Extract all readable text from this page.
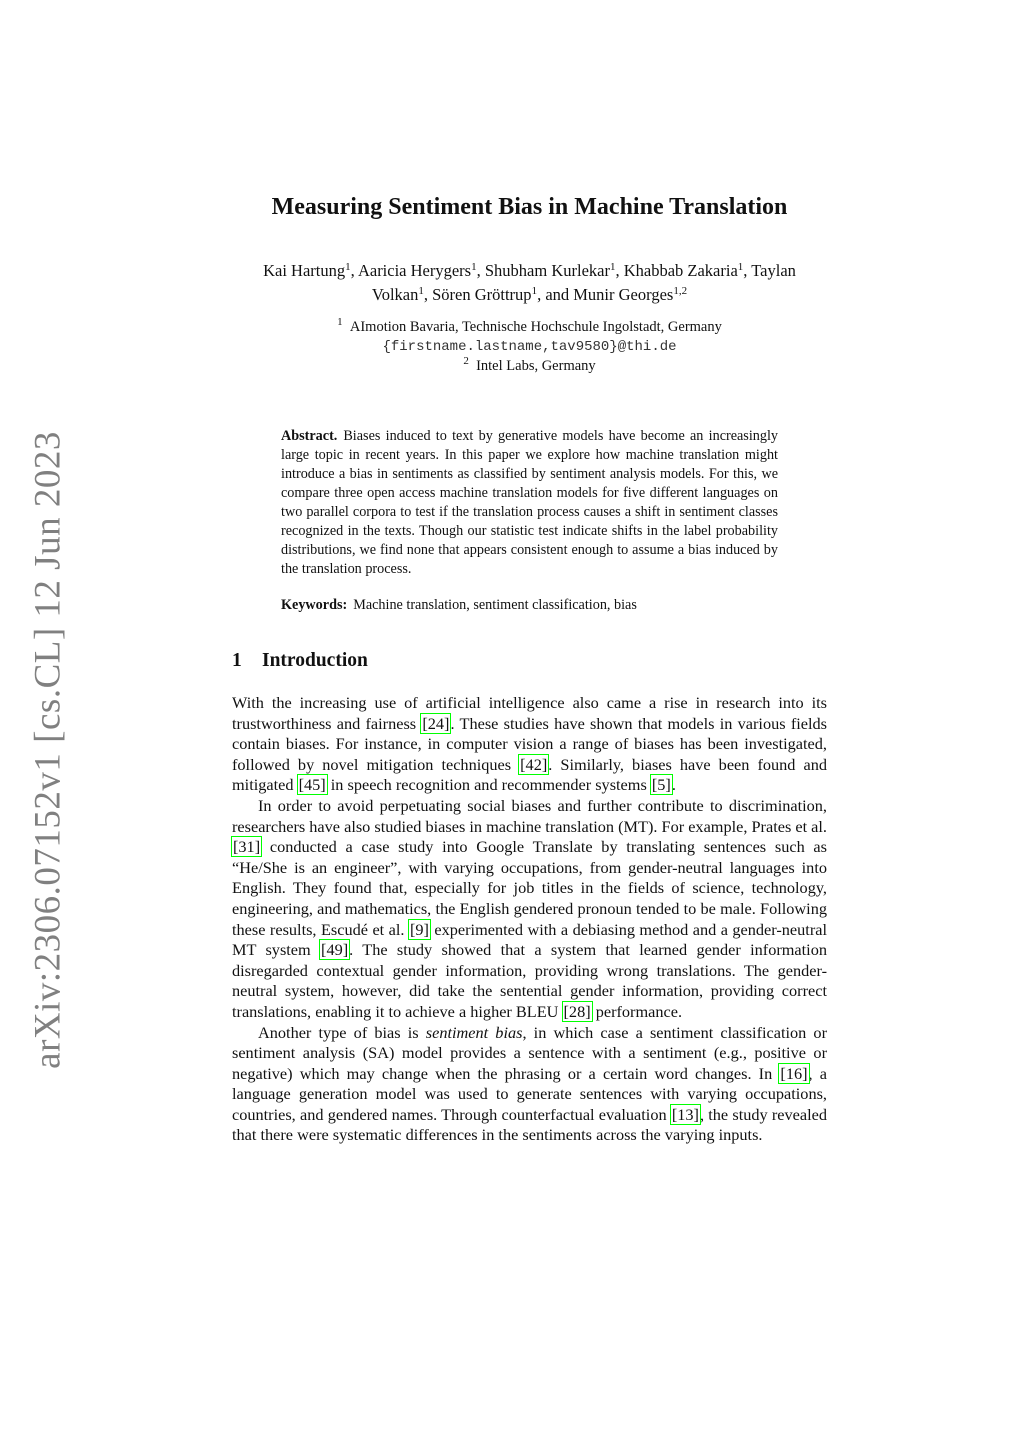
arXiv:2306.07152v1 [cs.CL] 12 Jun 2023
Measuring Sentiment Bias in Machine Translation
Kai Hartung$^1$, Aaricia Herygers$^1$, Shubham Kurlekar$^1$, Khabbab Zakaria$^1$, Taylan
Volkan$^1$, Sören Gröttrup$^1$, and Munir Georges$^{1,2}$
$^1$ AImotion Bavaria, Technische Hochschule Ingolstadt, Germany
{firstname.lastname,tav9580}@thi.de
$^2$ Intel Labs, Germany
Abstract. Biases induced to text by generative models have become an increasingly large topic in recent years. In this paper we explore how machine translation might introduce a bias in sentiments as classified by sentiment analysis models. For this, we compare three open access machine translation models for five different languages on two parallel corpora to test if the translation process causes a shift in sentiment classes recognized in the texts. Though our statistic test indicate shifts in the label probability distributions, we find none that appears consistent enough to assume a bias induced by the translation process.
Keywords: Machine translation, sentiment classification, bias
1 Introduction

With the increasing use of artificial intelligence also came a rise in research into its trustworthiness and fairness [24]. These studies have shown that models in various fields contain biases. For instance, in computer vision a range of biases has been investigated, followed by novel mitigation techniques [42]. Similarly, biases have been found and mitigated [45] in speech recognition and recommender systems [5].

In order to avoid perpetuating social biases and further contribute to discrimination, researchers have also studied biases in machine translation (MT). For example, Prates et al. [31] conducted a case study into Google Translate by translating sentences such as “He/She is an engineer”, with varying occupations, from gender-neutral languages into English. They found that, especially for job titles in the fields of science, technology, engineering, and mathematics, the English gendered pronoun tended to be male. Following these results, Escudé et al. [9] experimented with a debiasing method and a gender-neutral MT system [49]. The study showed that a system that learned gender information disregarded contextual gender information, providing wrong translations. The gender-neutral system, however, did take the sentential gender information, providing correct translations, enabling it to achieve a higher BLEU [28] performance.

Another type of bias is sentiment bias, in which case a sentiment classification or sentiment analysis (SA) model provides a sentence with a sentiment (e.g., positive or negative) which may change when the phrasing or a certain word changes. In [16], a language generation model was used to generate sentences with varying occupations, countries, and gendered names. Through counterfactual evaluation [13], the study revealed that there were systematic differences in the sentiments across the varying inputs.
